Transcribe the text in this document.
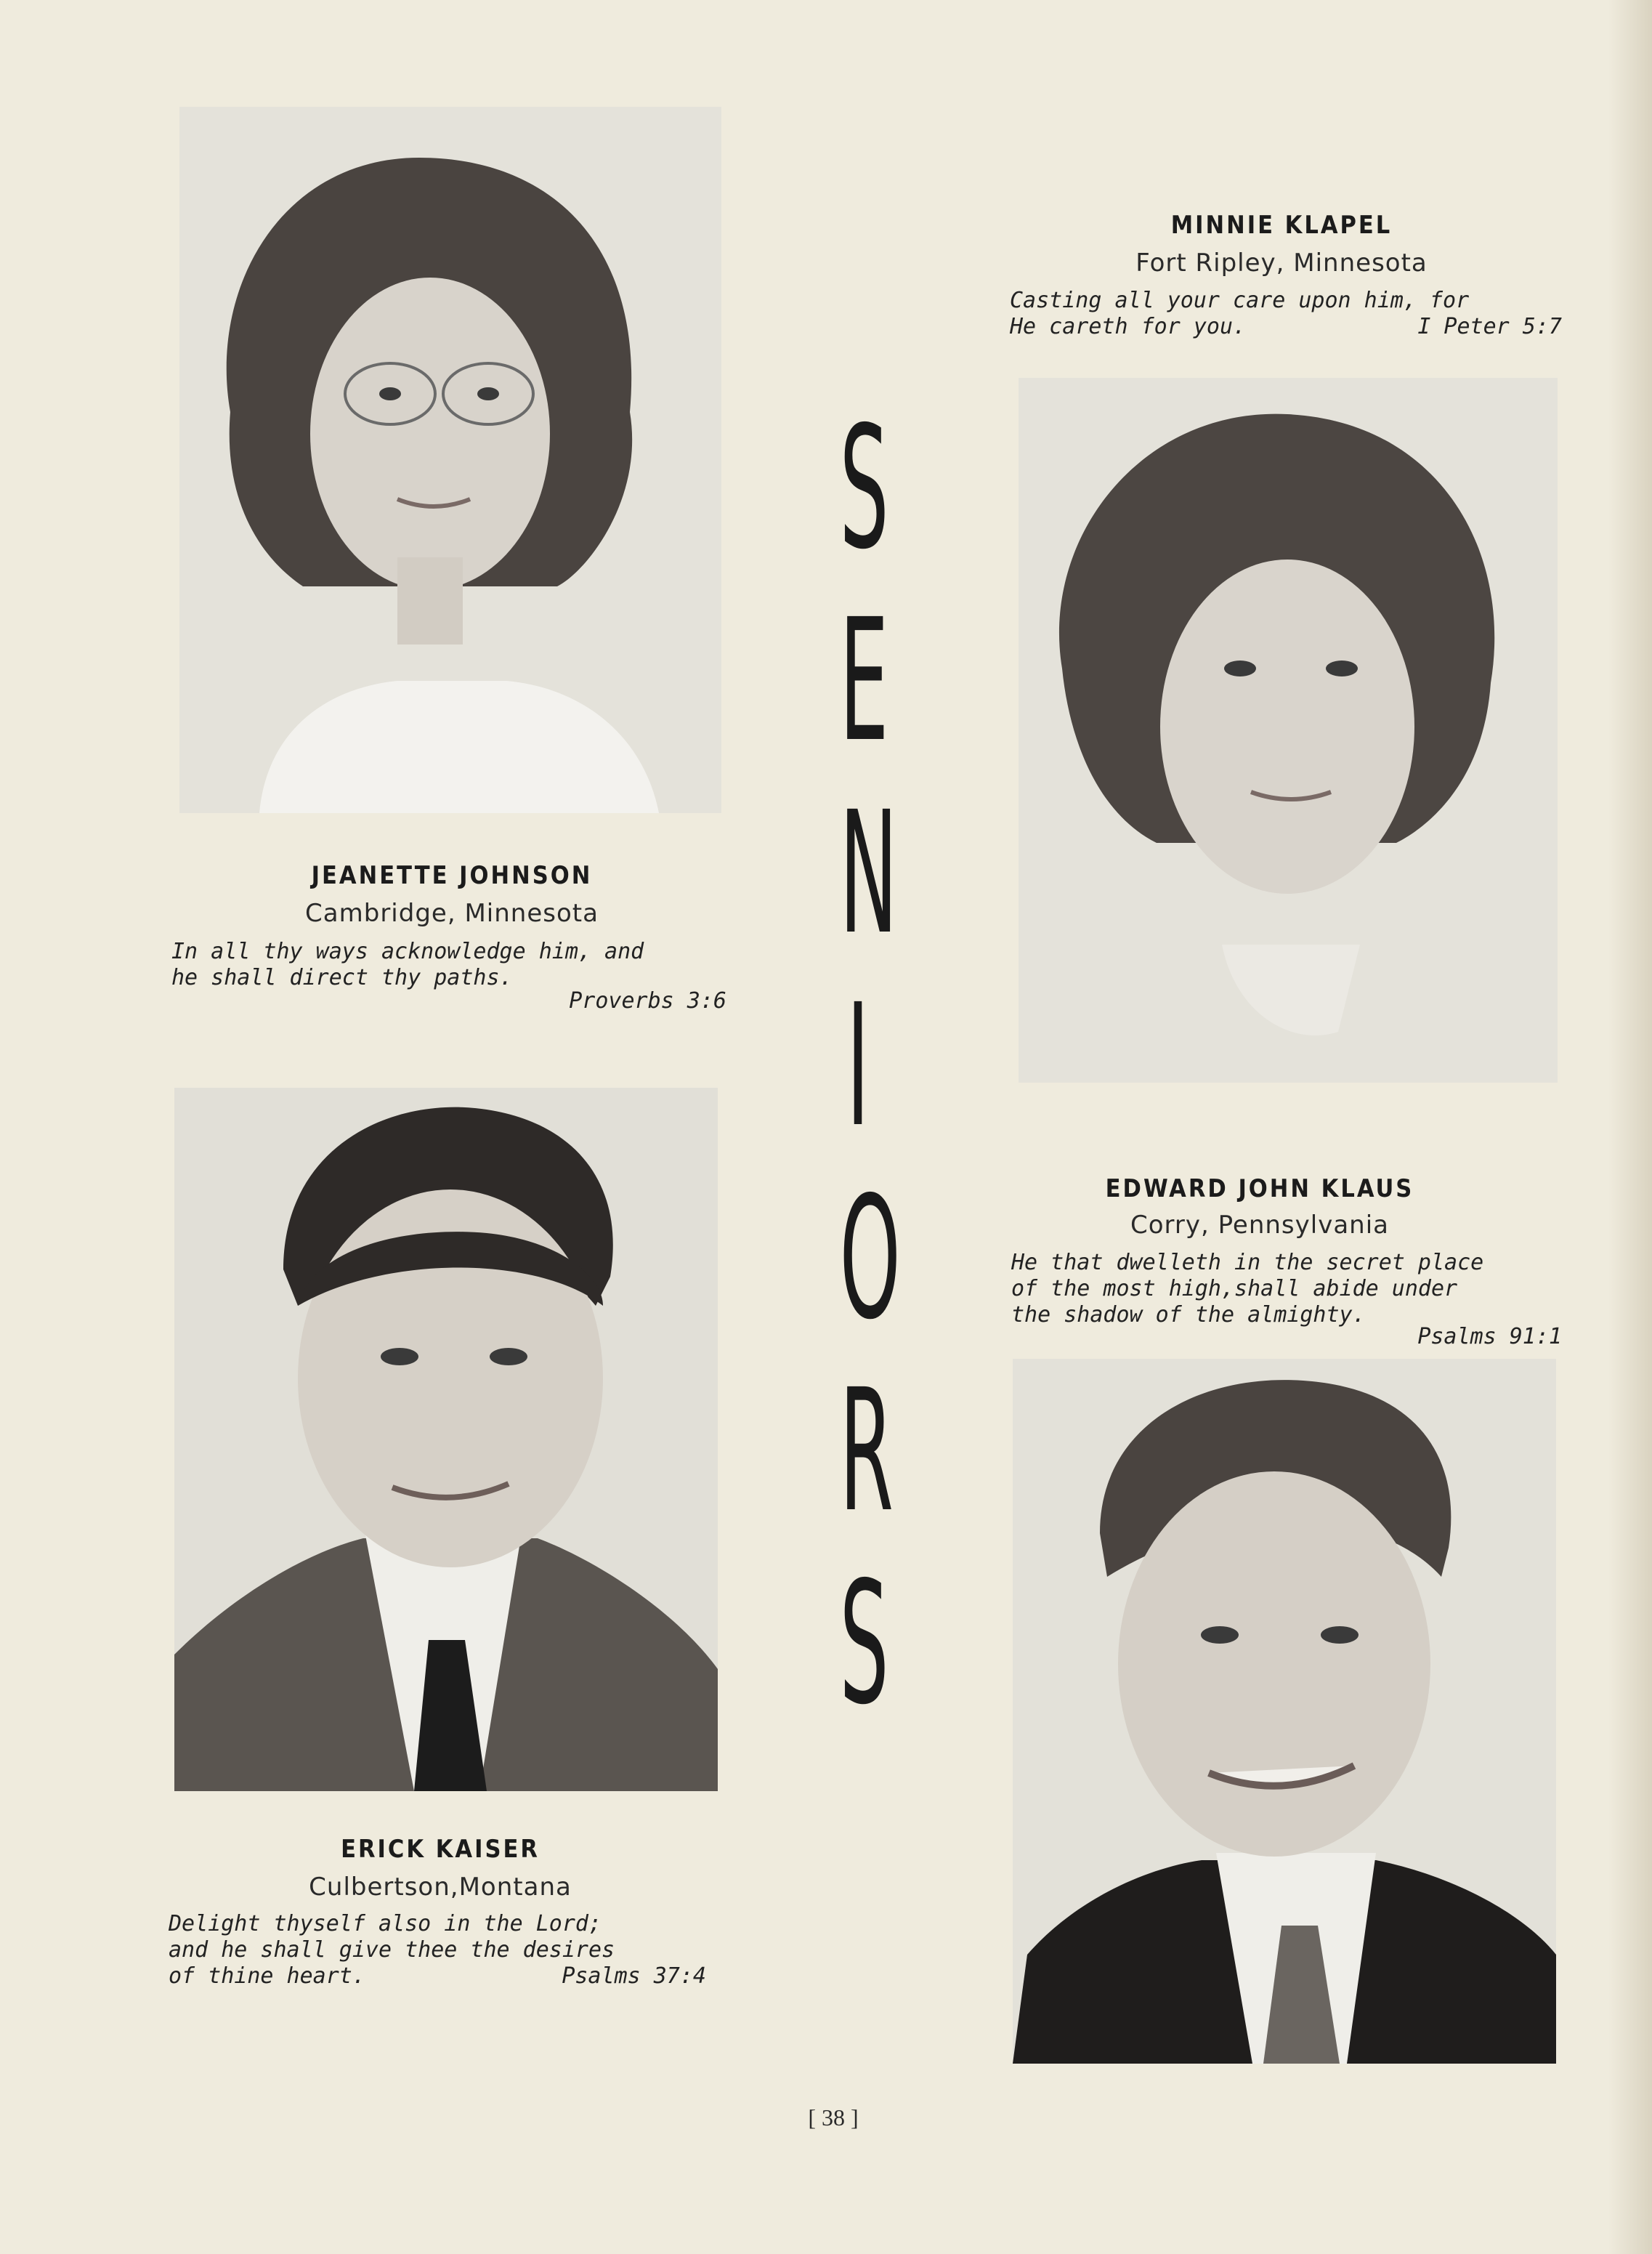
JEANETTE JOHNSON
Cambridge, Minnesota
In all thy ways acknowledge him, and
he shall direct thy paths.
Proverbs 3:6
MINNIE KLAPEL
Fort Ripley, Minnesota
Casting all your care upon him, for
He careth for you.	I Peter 5:7
ERICK KAISER
Culbertson,Montana
Delight thyself also in the Lord;
and he shall give thee the desires
of thine heart.	Psalms 37:4
EDWARD JOHN KLAUS
Corry, Pennsylvania
He that dwelleth in the secret place
of the most high,shall abide under
the shadow of the almighty.
Psalms 91:1
S
E
N
I
O
R
S
[ 38 ]
